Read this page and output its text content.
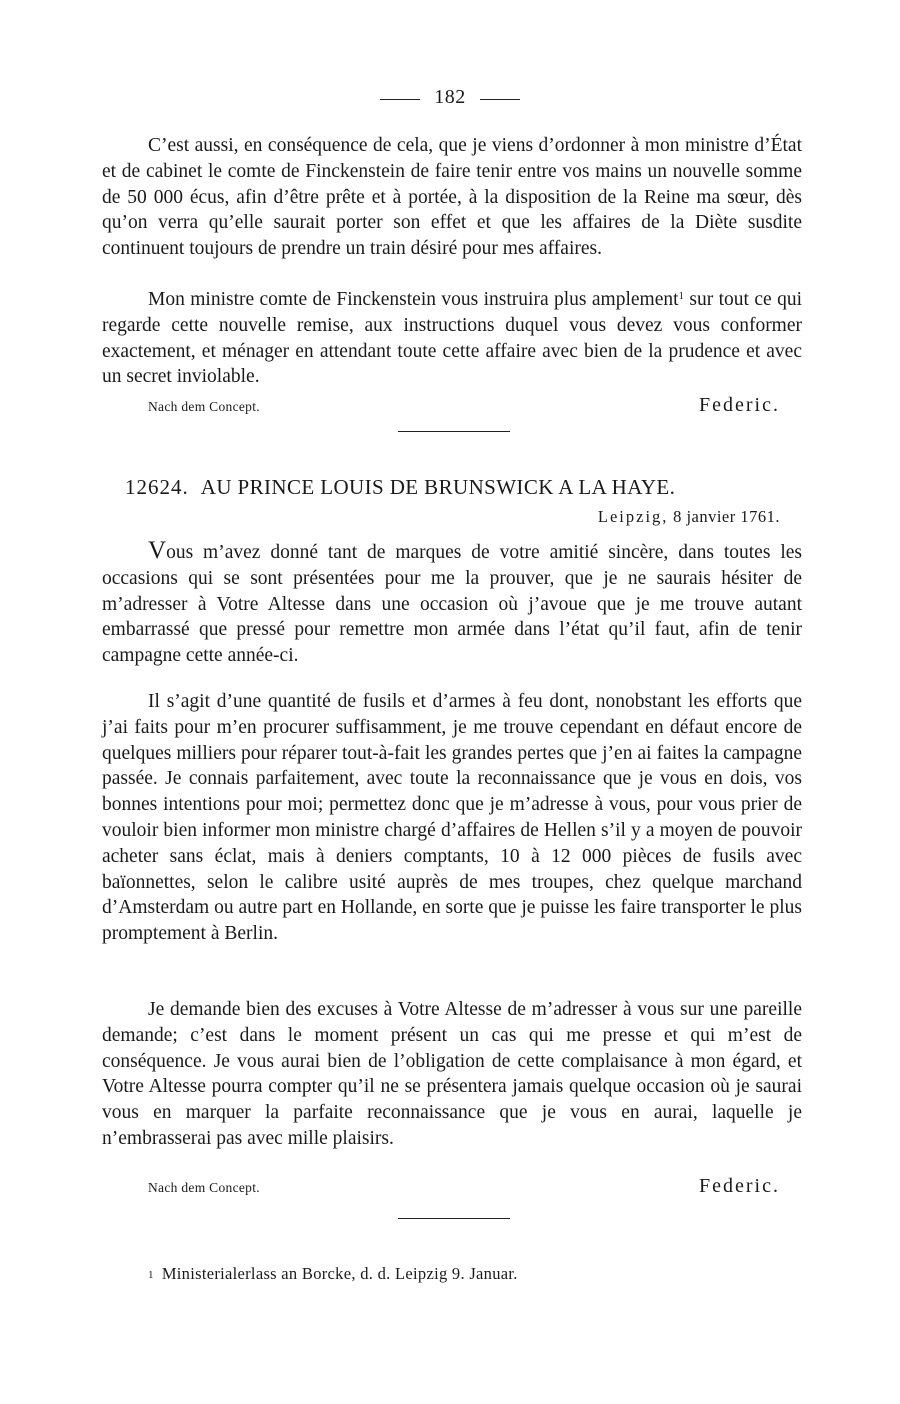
182

C’est aussi, en conséquence de cela, que je viens d’ordonner à mon ministre d’État et de cabinet le comte de Finckenstein de faire tenir entre vos mains un nouvelle somme de 50 000 écus, afin d’être prête et à portée, à la disposition de la Reine ma sœur, dès qu’on verra qu’elle saurait porter son effet et que les affaires de la Diète susdite continuent toujours de prendre un train désiré pour mes affaires.

Mon ministre comte de Finckenstein vous instruira plus amplement$^1$ sur tout ce qui regarde cette nouvelle remise, aux instructions duquel vous devez vous conformer exactement, et ménager en attendant toute cette affaire avec bien de la prudence et avec un secret inviolable.

Nach dem Concept.	Federic.
12624. AU PRINCE LOUIS DE BRUNSWICK A LA HAYE.
Leipzig, 8 janvier 1761.

Vous m’avez donné tant de marques de votre amitié sincère, dans toutes les occasions qui se sont présentées pour me la prouver, que je ne saurais hésiter de m’adresser à Votre Altesse dans une occasion où j’avoue que je me trouve autant embarrassé que pressé pour remettre mon armée dans l’état qu’il faut, afin de tenir campagne cette année-ci.

Il s’agit d’une quantité de fusils et d’armes à feu dont, nonobstant les efforts que j’ai faits pour m’en procurer suffisamment, je me trouve cependant en défaut encore de quelques milliers pour réparer tout-à-fait les grandes pertes que j’en ai faites la campagne passée. Je connais parfaitement, avec toute la reconnaissance que je vous en dois, vos bonnes intentions pour moi; permettez donc que je m’adresse à vous, pour vous prier de vouloir bien informer mon ministre chargé d’affaires de Hellen s’il y a moyen de pouvoir acheter sans éclat, mais à deniers comptants, 10 à 12 000 pièces de fusils avec baïonnettes, selon le calibre usité auprès de mes troupes, chez quelque marchand d’Amsterdam ou autre part en Hollande, en sorte que je puisse les faire transporter le plus promptement à Berlin.

Je demande bien des excuses à Votre Altesse de m’adresser à vous sur une pareille demande; c’est dans le moment présent un cas qui me presse et qui m’est de conséquence. Je vous aurai bien de l’obligation de cette complaisance à mon égard, et Votre Altesse pourra compter qu’il ne se présentera jamais quelque occasion où je saurai vous en marquer la parfaite reconnaissance que je vous en aurai, laquelle je n’embrasserai pas avec mille plaisirs.

Nach dem Concept.	Federic.
1 Ministerialerlass an Borcke, d. d. Leipzig 9. Januar.
